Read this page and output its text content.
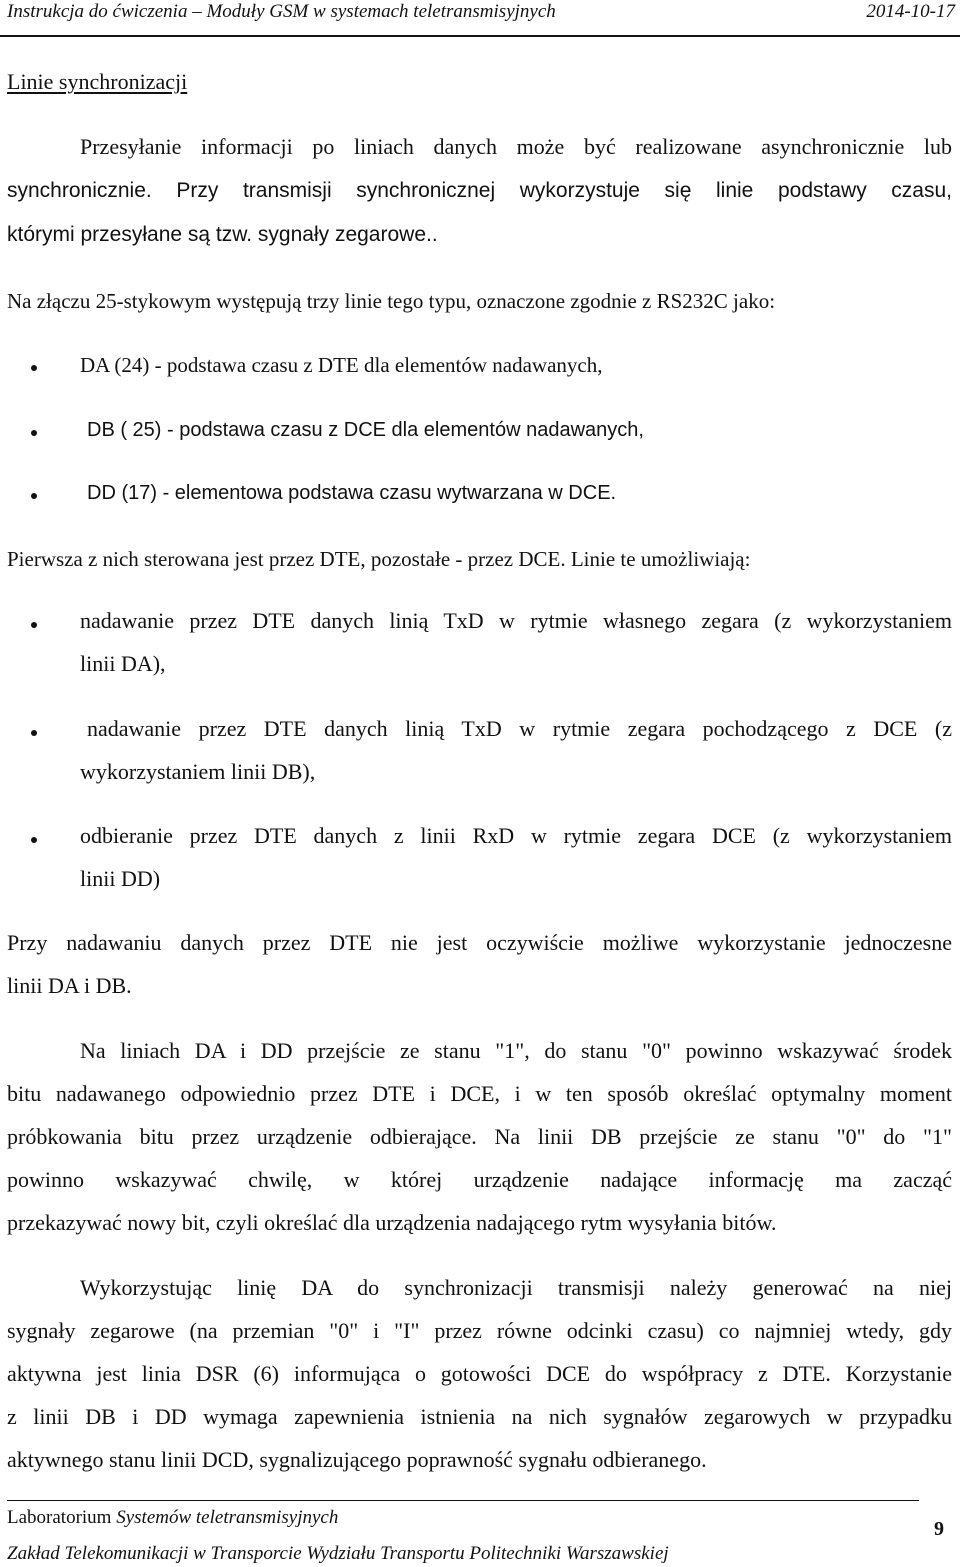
Instrukcja do ćwiczenia – Moduły GSM w systemach teletransmisyjnych	2014-10-17
Linie synchronizacji
Przesyłanie informacji po liniach danych może być realizowane asynchronicznie lub
synchronicznie. Przy transmisji synchronicznej wykorzystuje się linie podstawy czasu,
którymi przesyłane są tzw. sygnały zegarowe..
Na złączu 25-stykowym występują trzy linie tego typu, oznaczone zgodnie z RS232C jako:
DA (24) - podstawa czasu z DTE dla elementów nadawanych,
DB ( 25) - podstawa czasu z DCE dla elementów nadawanych,
DD (17) - elementowa podstawa czasu wytwarzana w DCE.
Pierwsza z nich sterowana jest przez DTE, pozostałe - przez DCE. Linie te umożliwiają:
nadawanie przez DTE danych linią TxD w rytmie własnego zegara (z wykorzystaniem
linii DA),
nadawanie przez DTE danych linią TxD w rytmie zegara pochodzącego z DCE (z
wykorzystaniem linii DB),
odbieranie przez DTE danych z linii RxD w rytmie zegara DCE (z wykorzystaniem
linii DD)
Przy nadawaniu danych przez DTE nie jest oczywiście możliwe wykorzystanie jednoczesne
linii DA i DB.
Na liniach DA i DD przejście ze stanu "1", do stanu "0" powinno wskazywać środek
bitu nadawanego odpowiednio przez DTE i DCE, i w ten sposób określać optymalny moment
próbkowania bitu przez urządzenie odbierające. Na linii DB przejście ze stanu "0" do "1"
powinno wskazywać chwilę, w której urządzenie nadające informację ma zacząć
przekazywać nowy bit, czyli określać dla urządzenia nadającego rytm wysyłania bitów.
Wykorzystując linię DA do synchronizacji transmisji należy generować na niej
sygnały zegarowe (na przemian "0" i "I" przez równe odcinki czasu) co najmniej wtedy, gdy
aktywna jest linia DSR (6) informująca o gotowości DCE do współpracy z DTE. Korzystanie
z linii DB i DD wymaga zapewnienia istnienia na nich sygnałów zegarowych w przypadku
aktywnego stanu linii DCD, sygnalizującego poprawność sygnału odbieranego.
Laboratorium Systemów teletransmisyjnych
Zakład Telekomunikacji w Transporcie Wydziału Transportu Politechniki Warszawskiej
9
